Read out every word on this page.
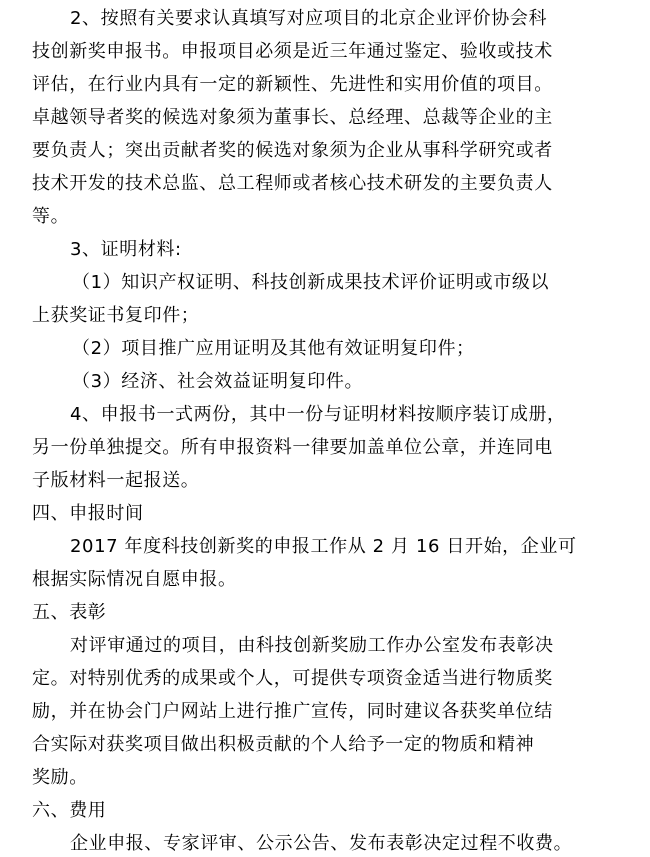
2、按照有关要求认真填写对应项目的北京企业评价协会科
技创新奖申报书。申报项目必须是近三年通过鉴定、验收或技术
评估，在行业内具有一定的新颖性、先进性和实用价值的项目。
卓越领导者奖的候选对象须为董事长、总经理、总裁等企业的主
要负责人；突出贡献者奖的候选对象须为企业从事科学研究或者
技术开发的技术总监、总工程师或者核心技术研发的主要负责人
等。
3、证明材料:
（1）知识产权证明、科技创新成果技术评价证明或市级以
上获奖证书复印件；
（2）项目推广应用证明及其他有效证明复印件；
（3）经济、社会效益证明复印件。
4、申报书一式两份，其中一份与证明材料按顺序装订成册，
另一份单独提交。所有申报资料一律要加盖单位公章，并连同电
子版材料一起报送。
四、申报时间
2017 年度科技创新奖的申报工作从 2 月 16 日开始，企业可
根据实际情况自愿申报。
五、表彰
对评审通过的项目，由科技创新奖励工作办公室发布表彰决
定。对特别优秀的成果或个人，可提供专项资金适当进行物质奖
励，并在协会门户网站上进行推广宣传，同时建议各获奖单位结
合实际对获奖项目做出积极贡献的个人给予一定的物质和精神
奖励。
六、费用
企业申报、专家评审、公示公告、发布表彰决定过程不收费。
